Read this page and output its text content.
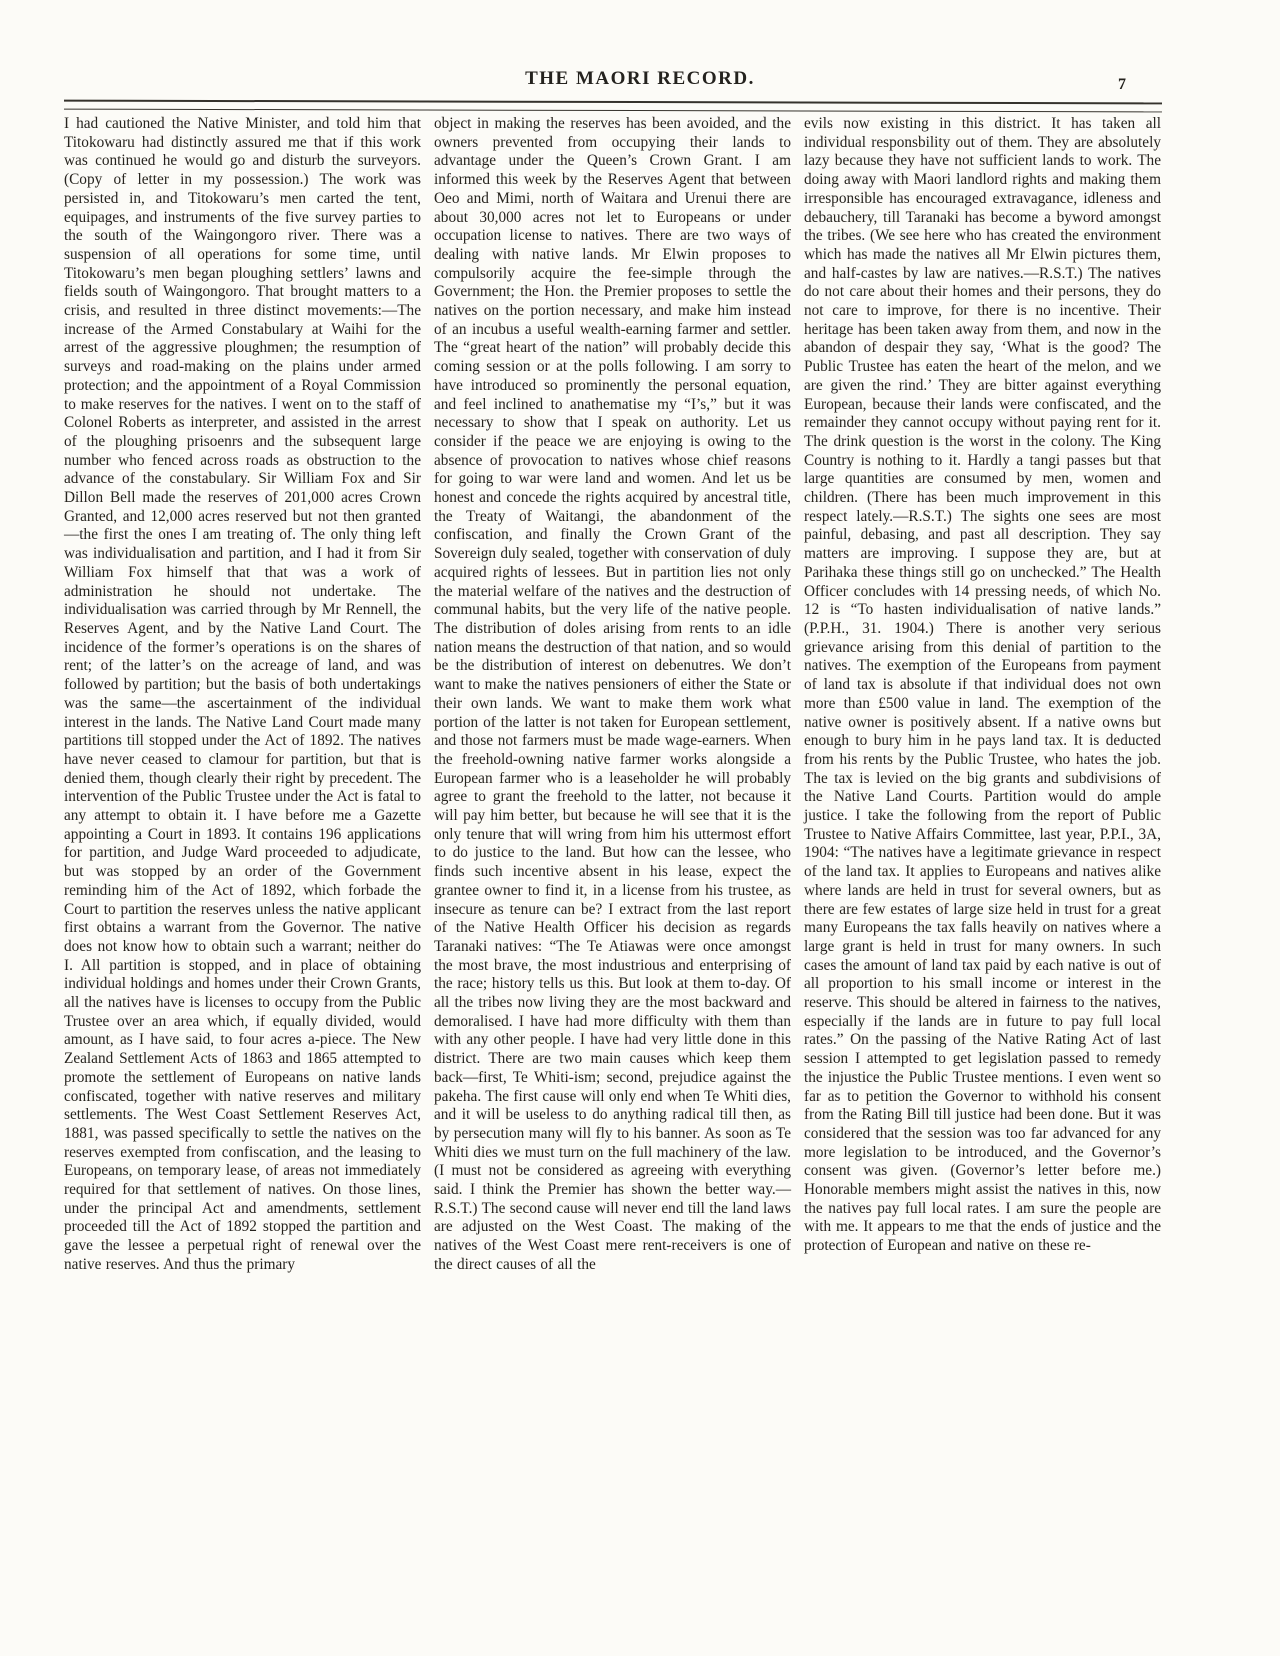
THE MAORI RECORD.	7
I had cautioned the Native Minister, and told him that Titokowaru had distinctly assured me that if this work was continued he would go and disturb the surveyors. (Copy of letter in my possession.) The work was persisted in, and Titokowaru’s men carted the tent, equipages, and instruments of the five survey parties to the south of the Waingongoro river. There was a suspension of all operations for some time, until Titokowaru’s men began ploughing settlers’ lawns and fields south of Waingongoro. That brought matters to a crisis, and resulted in three distinct movements:—The increase of the Armed Constabulary at Waihi for the arrest of the aggressive ploughmen; the resumption of surveys and road-making on the plains under armed protection; and the appointment of a Royal Commission to make reserves for the natives. I went on to the staff of Colonel Roberts as interpreter, and assisted in the arrest of the ploughing prisoenrs and the subsequent large number who fenced across roads as obstruction to the advance of the constabulary. Sir William Fox and Sir Dillon Bell made the reserves of 201,000 acres Crown Granted, and 12,000 acres reserved but not then granted—the first the ones I am treating of. The only thing left was individualisation and partition, and I had it from Sir William Fox himself that that was a work of administration he should not undertake. The individualisation was carried through by Mr Rennell, the Reserves Agent, and by the Native Land Court. The incidence of the former’s operations is on the shares of rent; of the latter’s on the acreage of land, and was followed by partition; but the basis of both undertakings was the same—the ascertainment of the individual interest in the lands. The Native Land Court made many partitions till stopped under the Act of 1892. The natives have never ceased to clamour for partition, but that is denied them, though clearly their right by precedent. The intervention of the Public Trustee under the Act is fatal to any attempt to obtain it. I have before me a Gazette appointing a Court in 1893. It contains 196 applications for partition, and Judge Ward proceeded to adjudicate, but was stopped by an order of the Government reminding him of the Act of 1892, which forbade the Court to partition the reserves unless the native applicant first obtains a warrant from the Governor. The native does not know how to obtain such a warrant; neither do I. All partition is stopped, and in place of obtaining individual holdings and homes under their Crown Grants, all the natives have is licenses to occupy from the Public Trustee over an area which, if equally divided, would amount, as I have said, to four acres a-piece. The New Zealand Settlement Acts of 1863 and 1865 attempted to promote the settlement of Europeans on native lands confiscated, together with native reserves and military settlements. The West Coast Settlement Reserves Act, 1881, was passed specifically to settle the natives on the reserves exempted from confiscation, and the leasing to Europeans, on temporary lease, of areas not immediately required for that settlement of natives. On those lines, under the principal Act and amendments, settlement proceeded till the Act of 1892 stopped the partition and gave the lessee a perpetual right of renewal over the native reserves. And thus the primary
object in making the reserves has been avoided, and the owners prevented from occupying their lands to advantage under the Queen’s Crown Grant. I am informed this week by the Reserves Agent that between Oeo and Mimi, north of Waitara and Urenui there are about 30,000 acres not let to Europeans or under occupation license to natives. There are two ways of dealing with native lands. Mr Elwin proposes to compulsorily acquire the fee-simple through the Government; the Hon. the Premier proposes to settle the natives on the portion necessary, and make him instead of an incubus a useful wealth-earning farmer and settler. The “great heart of the nation” will probably decide this coming session or at the polls following. I am sorry to have introduced so prominently the personal equation, and feel inclined to anathematise my “I’s,” but it was necessary to show that I speak on authority. Let us consider if the peace we are enjoying is owing to the absence of provocation to natives whose chief reasons for going to war were land and women. And let us be honest and concede the rights acquired by ancestral title, the Treaty of Waitangi, the abandonment of the confiscation, and finally the Crown Grant of the Sovereign duly sealed, together with conservation of duly acquired rights of lessees. But in partition lies not only the material welfare of the natives and the destruction of communal habits, but the very life of the native people. The distribution of doles arising from rents to an idle nation means the destruction of that nation, and so would be the distribution of interest on debenutres. We don’t want to make the natives pensioners of either the State or their own lands. We want to make them work what portion of the latter is not taken for European settlement, and those not farmers must be made wage-earners. When the freehold-owning native farmer works alongside a European farmer who is a leaseholder he will probably agree to grant the freehold to the latter, not because it will pay him better, but because he will see that it is the only tenure that will wring from him his uttermost effort to do justice to the land. But how can the lessee, who finds such incentive absent in his lease, expect the grantee owner to find it, in a license from his trustee, as insecure as tenure can be? I extract from the last report of the Native Health Officer his decision as regards Taranaki natives: “The Te Atiawas were once amongst the most brave, the most industrious and enterprising of the race; history tells us this. But look at them to-day. Of all the tribes now living they are the most backward and demoralised. I have had more difficulty with them than with any other people. I have had very little done in this district. There are two main causes which keep them back—first, Te Whiti-ism; second, prejudice against the pakeha. The first cause will only end when Te Whiti dies, and it will be useless to do anything radical till then, as by persecution many will fly to his banner. As soon as Te Whiti dies we must turn on the full machinery of the law. (I must not be considered as agreeing with everything said. I think the Premier has shown the better way.—R.S.T.) The second cause will never end till the land laws are adjusted on the West Coast. The making of the natives of the West Coast mere rent-receivers is one of the direct causes of all the
evils now existing in this district. It has taken all individual responsbility out of them. They are absolutely lazy because they have not sufficient lands to work. The doing away with Maori landlord rights and making them irresponsible has encouraged extravagance, idleness and debauchery, till Taranaki has become a byword amongst the tribes. (We see here who has created the environment which has made the natives all Mr Elwin pictures them, and half-castes by law are natives.—R.S.T.) The natives do not care about their homes and their persons, they do not care to improve, for there is no incentive. Their heritage has been taken away from them, and now in the abandon of despair they say, ‘What is the good? The Public Trustee has eaten the heart of the melon, and we are given the rind.’ They are bitter against everything European, because their lands were confiscated, and the remainder they cannot occupy without paying rent for it. The drink question is the worst in the colony. The King Country is nothing to it. Hardly a tangi passes but that large quantities are consumed by men, women and children. (There has been much improvement in this respect lately.—R.S.T.) The sights one sees are most painful, debasing, and past all description. They say matters are improving. I suppose they are, but at Parihaka these things still go on unchecked.” The Health Officer concludes with 14 pressing needs, of which No. 12 is “To hasten individualisation of native lands.” (P.P.H., 31. 1904.) There is another very serious grievance arising from this denial of partition to the natives. The exemption of the Europeans from payment of land tax is absolute if that individual does not own more than £500 value in land. The exemption of the native owner is positively absent. If a native owns but enough to bury him in he pays land tax. It is deducted from his rents by the Public Trustee, who hates the job. The tax is levied on the big grants and subdivisions of the Native Land Courts. Partition would do ample justice. I take the following from the report of Public Trustee to Native Affairs Committee, last year, P.P.I., 3A, 1904: “The natives have a legitimate grievance in respect of the land tax. It applies to Europeans and natives alike where lands are held in trust for several owners, but as there are few estates of large size held in trust for a great many Europeans the tax falls heavily on natives where a large grant is held in trust for many owners. In such cases the amount of land tax paid by each native is out of all proportion to his small income or interest in the reserve. This should be altered in fairness to the natives, especially if the lands are in future to pay full local rates.” On the passing of the Native Rating Act of last session I attempted to get legislation passed to remedy the injustice the Public Trustee mentions. I even went so far as to petition the Governor to withhold his consent from the Rating Bill till justice had been done. But it was considered that the session was too far advanced for any more legislation to be introduced, and the Governor’s consent was given. (Governor’s letter before me.) Honorable members might assist the natives in this, now the natives pay full local rates. I am sure the people are with me. It appears to me that the ends of justice and the protection of European and native on these re-
